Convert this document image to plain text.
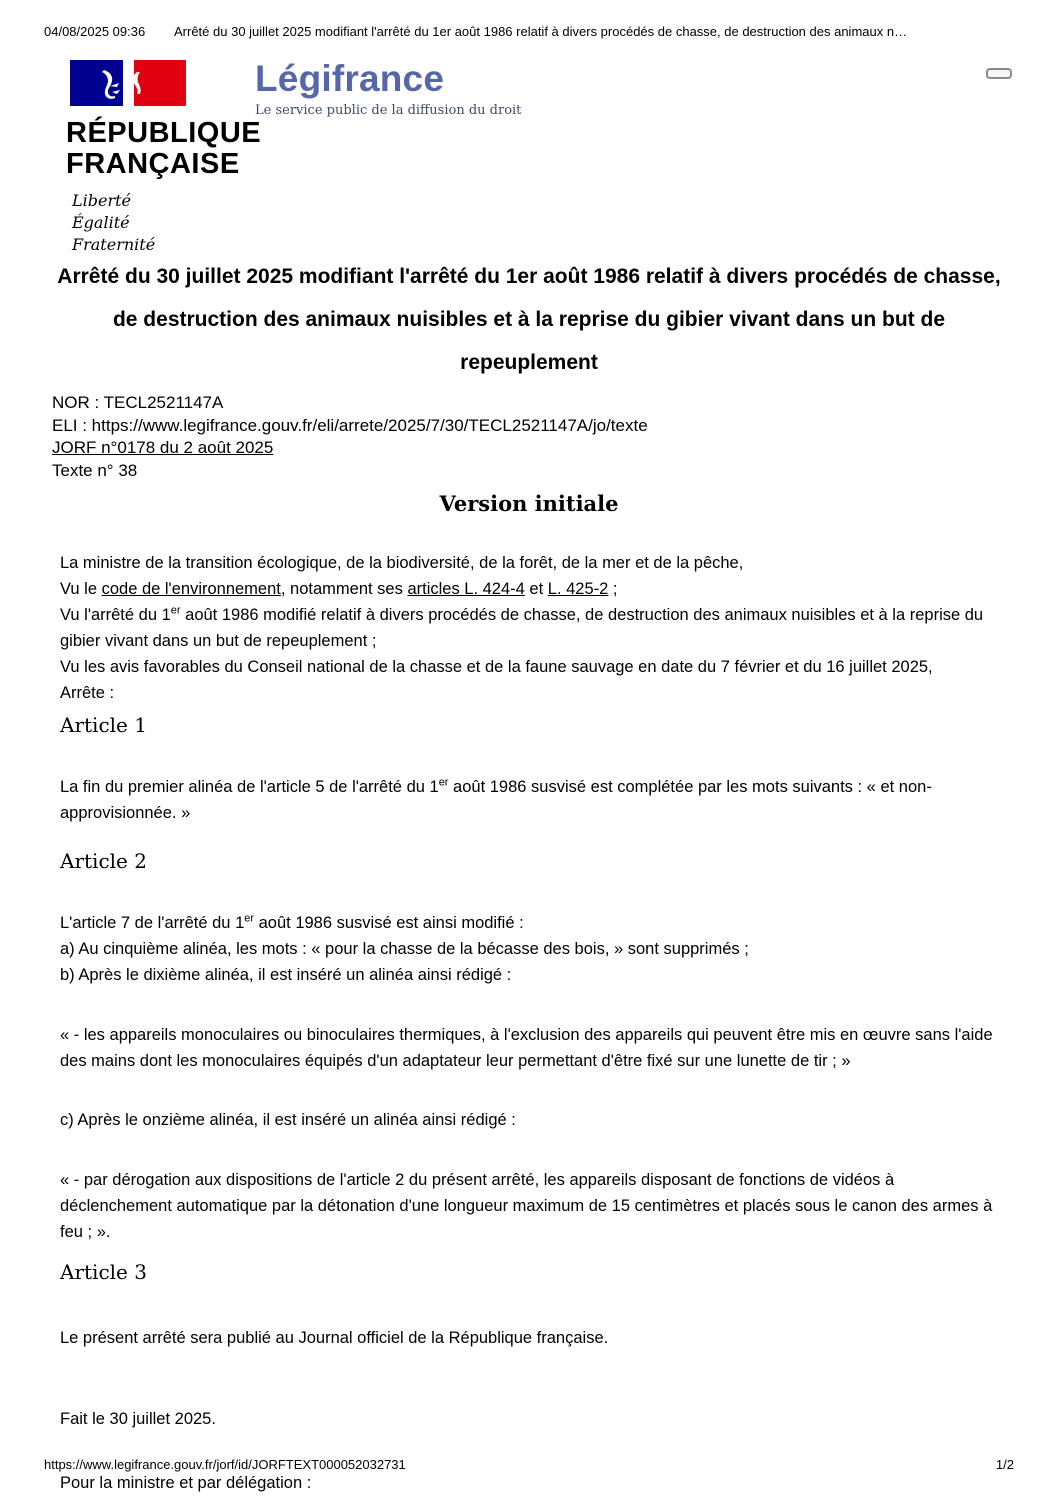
04/08/2025 09:36	Arrêté du 30 juillet 2025 modifiant l'arrêté du 1er août 1986 relatif à divers procédés de chasse, de destruction des animaux n…
RÉPUBLIQUE
FRANÇAISE
Liberté
Égalité
Fraternité
Légifrance
Le service public de la diffusion du droit
Arrêté du 30 juillet 2025 modifiant l'arrêté du 1er août 1986 relatif à divers procédés de chasse, de destruction des animaux nuisibles et à la reprise du gibier vivant dans un but de repeuplement
NOR : TECL2521147A
ELI : https://www.legifrance.gouv.fr/eli/arrete/2025/7/30/TECL2521147A/jo/texte
JORF n°0178 du 2 août 2025
Texte n° 38
Version initiale
La ministre de la transition écologique, de la biodiversité, de la forêt, de la mer et de la pêche,
Vu le code de l'environnement, notamment ses articles L. 424-4 et L. 425-2 ;
Vu l'arrêté du 1er août 1986 modifié relatif à divers procédés de chasse, de destruction des animaux nuisibles et à la reprise du gibier vivant dans un but de repeuplement ;
Vu les avis favorables du Conseil national de la chasse et de la faune sauvage en date du 7 février et du 16 juillet 2025,
Arrête :
Article 1

La fin du premier alinéa de l'article 5 de l'arrêté du 1er août 1986 susvisé est complétée par les mots suivants : « et non-approvisionnée. »

Article 2
L'article 7 de l'arrêté du 1er août 1986 susvisé est ainsi modifié :
a) Au cinquième alinéa, les mots : « pour la chasse de la bécasse des bois, » sont supprimés ;
b) Après le dixième alinéa, il est inséré un alinéa ainsi rédigé :

« - les appareils monoculaires ou binoculaires thermiques, à l'exclusion des appareils qui peuvent être mis en œuvre sans l'aide des mains dont les monoculaires équipés d'un adaptateur leur permettant d'être fixé sur une lunette de tir ; »

c) Après le onzième alinéa, il est inséré un alinéa ainsi rédigé :

« - par dérogation aux dispositions de l'article 2 du présent arrêté, les appareils disposant de fonctions de vidéos à déclenchement automatique par la détonation d'une longueur maximum de 15 centimètres et placés sous le canon des armes à feu ; ».

Article 3

Le présent arrêté sera publié au Journal officiel de la République française.

Fait le 30 juillet 2025.

Pour la ministre et par délégation :

https://www.legifrance.gouv.fr/jorf/id/JORFTEXT000052032731	1/2
